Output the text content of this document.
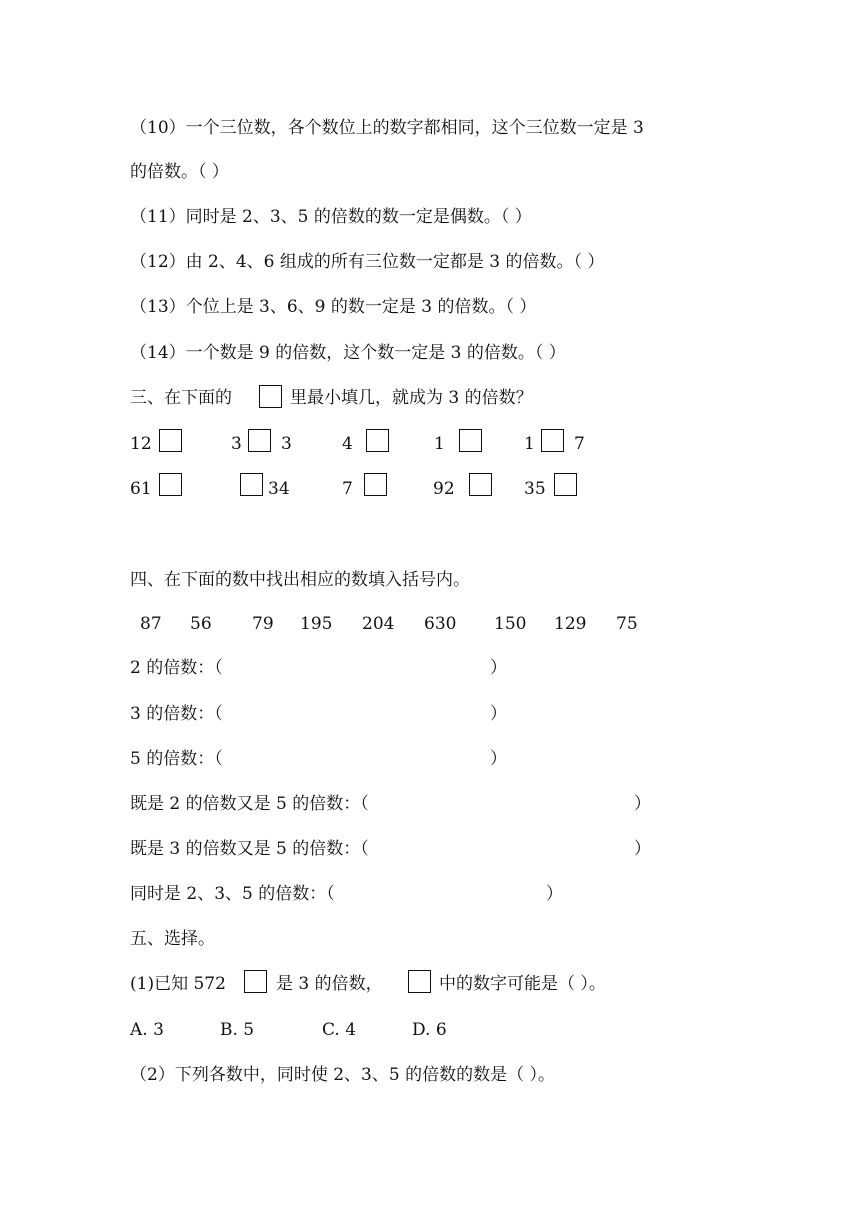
（10）一个三位数，各个数位上的数字都相同，这个三位数一定是 3
的倍数。（ ）
（11）同时是 2、3、5 的倍数的数一定是偶数。（ ）
（12）由 2、4、6 组成的所有三位数一定都是 3 的倍数。（ ）
（13）个位上是 3、6、9 的数一定是 3 的倍数。（ ）
（14）一个数是 9 的倍数，这个数一定是 3 的倍数。（ ）
三、在下面的	里最小填几，就成为 3 的倍数？
12	3 3	4	1	1 7
61	34	7	92	35
四、在下面的数中找出相应的数填入括号内。
87 56 79 195 204 630 150 129 75
2 的倍数：（	）
3 的倍数：（	）
5 的倍数：（	）
既是 2 的倍数又是 5 的倍数：（	）
既是 3 的倍数又是 5 的倍数：（	）
同时是 2、3、5 的倍数：（	）
五、选择。
(1)已知 572	是 3 的倍数，	中的数字可能是（ ）。
A. 3	B. 5	C. 4	D. 6
（2）下列各数中，同时使 2、3、5 的倍数的数是（ ）。
